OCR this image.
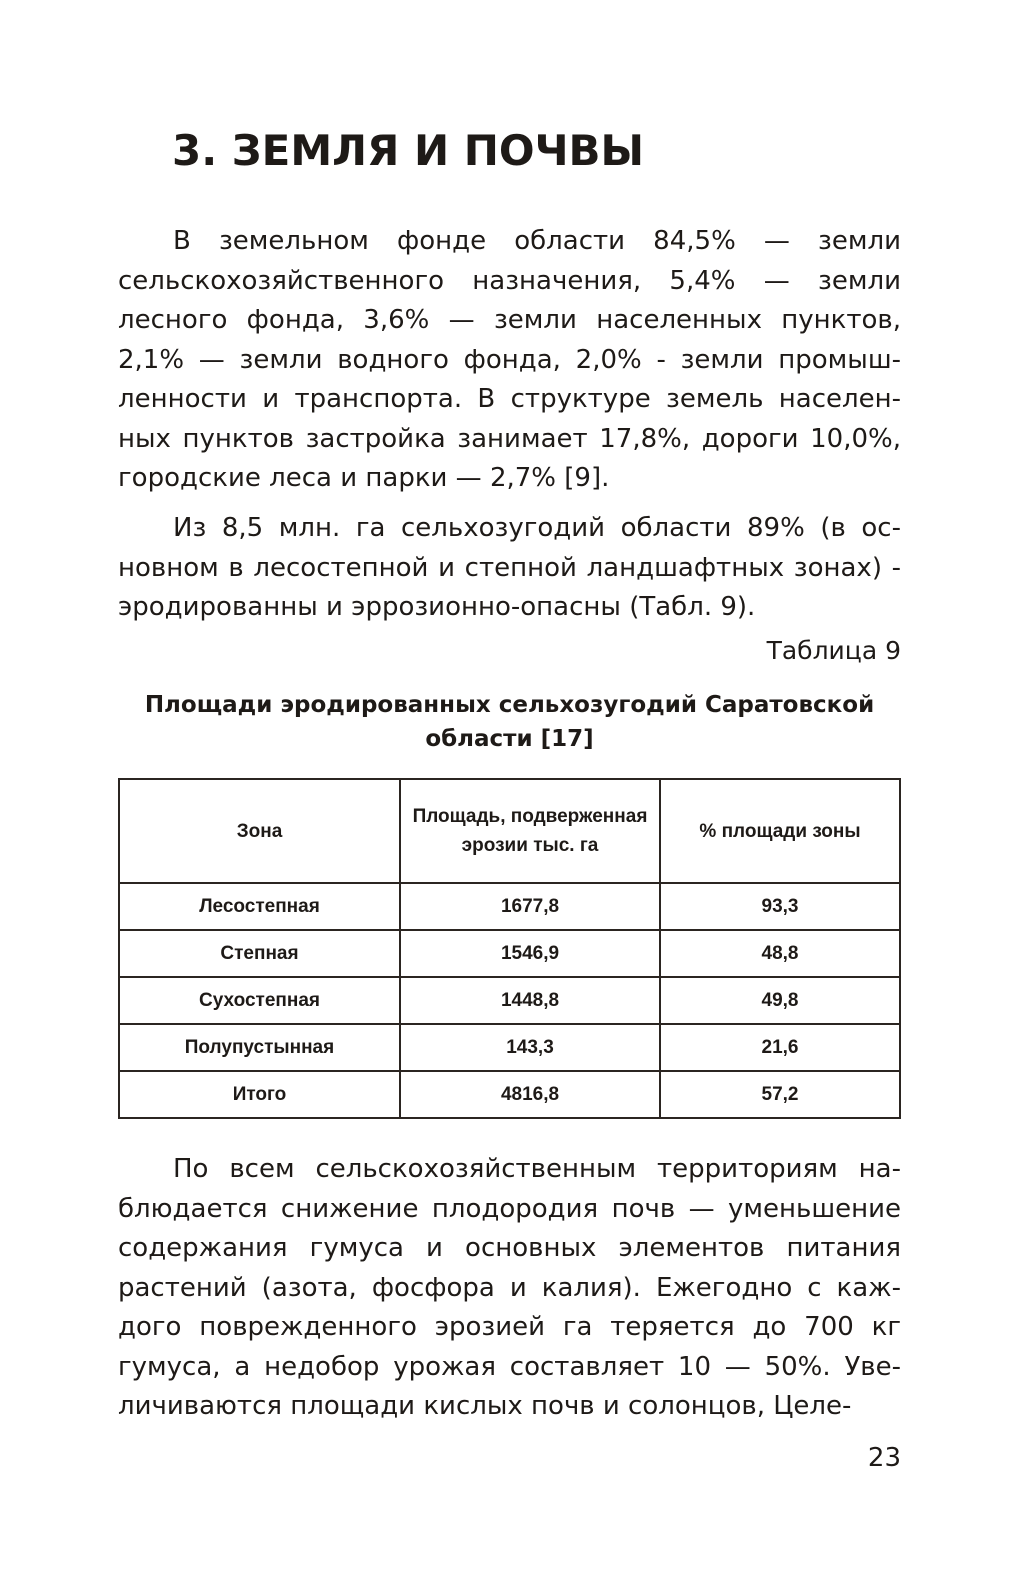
3. ЗЕМЛЯ И ПОЧВЫ

В земельном фонде области 84,5% — земли сельскохозяйственного назначения, 5,4% — земли лесного фонда, 3,6% — земли населенных пунктов, 2,1% — земли водного фонда, 2,0% - земли промышленности и транспорта. В структуре земель населенных пунктов застройка занимает 17,8%, дороги 10,0%, городские леса и парки — 2,7% [9].

Из 8,5 млн. га сельхозугодий области 89% (в основном в лесостепной и степной ландшафтных зонах) - эродированны и эррозионно-опасны (Табл. 9).

Таблица 9

Площади эродированных сельхозугодий Саратовской области [17]

Зона	Площадь, подверженная эрозии тыс. га	% площади зоны
Лесостепная	1677,8	93,3
Степная	1546,9	48,8
Сухостепная	1448,8	49,8
Полупустынная	143,3	21,6
Итого	4816,8	57,2

По всем сельскохозяйственным территориям наблюдается снижение плодородия почв — уменьшение содержания гумуса и основных элементов питания растений (азота, фосфора и калия). Ежегодно с каждого поврежденного эрозией га теряется до 700 кг гумуса, а недобор урожая составляет 10 — 50%. Увеличиваются площади кислых почв и солонцов, Целе-

23
